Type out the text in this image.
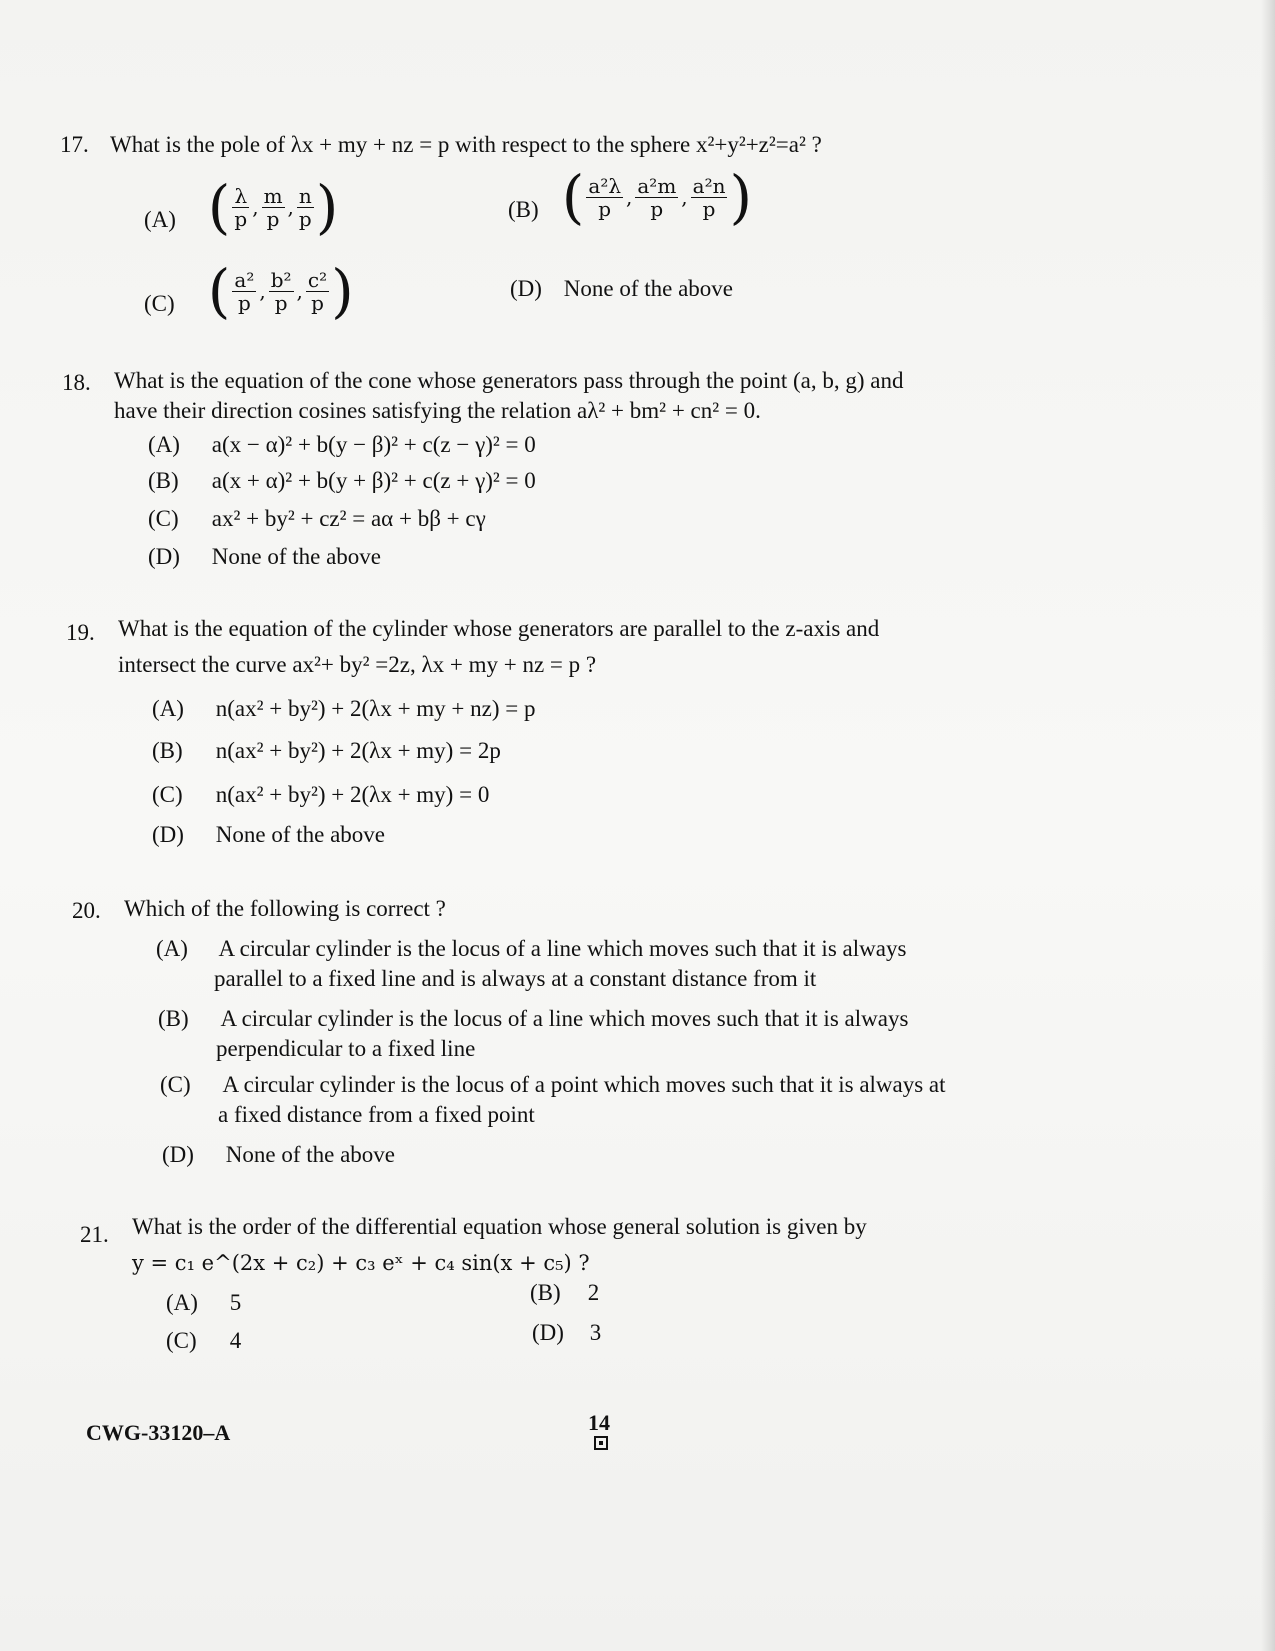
17. What is the pole of λx + my + nz = p with respect to the sphere x²+y²+z²=a² ?
(A) ( $\frac{\lambda}{p}$ , $\frac{m}{p}$ , $\frac{n}{p}$ )	(B) ( $\frac{\text{a²λ}}{p}$ , $\frac{\text{a²m}}{p}$ , $\frac{\text{a²n}}{p}$ )
(C) ( $\frac{\text{a²}}{p}$ , $\frac{\text{b²}}{p}$ , $\frac{\text{c²}}{p}$ )	(D) None of the above
18. What is the equation of the cone whose generators pass through the point (a, b, g) and
have their direction cosines satisfying the relation aλ² + bm² + cn² = 0.
(A) a(x − α)² + b(y − β)² + c(z − γ)² = 0
(B) a(x + α)² + b(y + β)² + c(z + γ)² = 0
(C) ax² + by² + cz² = aα + bβ + cγ
(D) None of the above
19. What is the equation of the cylinder whose generators are parallel to the z-axis and
intersect the curve ax²+ by² =2z, λx + my + nz = p ?
(A) n(ax² + by²) + 2(λx + my + nz) = p
(B) n(ax² + by²) + 2(λx + my) = 2p
(C) n(ax² + by²) + 2(λx + my) = 0
(D) None of the above
20. Which of the following is correct ?
(A) A circular cylinder is the locus of a line which moves such that it is always
parallel to a fixed line and is always at a constant distance from it
(B) A circular cylinder is the locus of a line which moves such that it is always
perpendicular to a fixed line
(C) A circular cylinder is the locus of a point which moves such that it is always at
a fixed distance from a fixed point
(D) None of the above
21. What is the order of the differential equation whose general solution is given by
y = c₁ e^(2x + c₂) + c₃ eˣ + c₄ sin(x + c₅) ?
(A) 5	(B) 2
(C) 4	(D) 3
CWG-33120–A	14
